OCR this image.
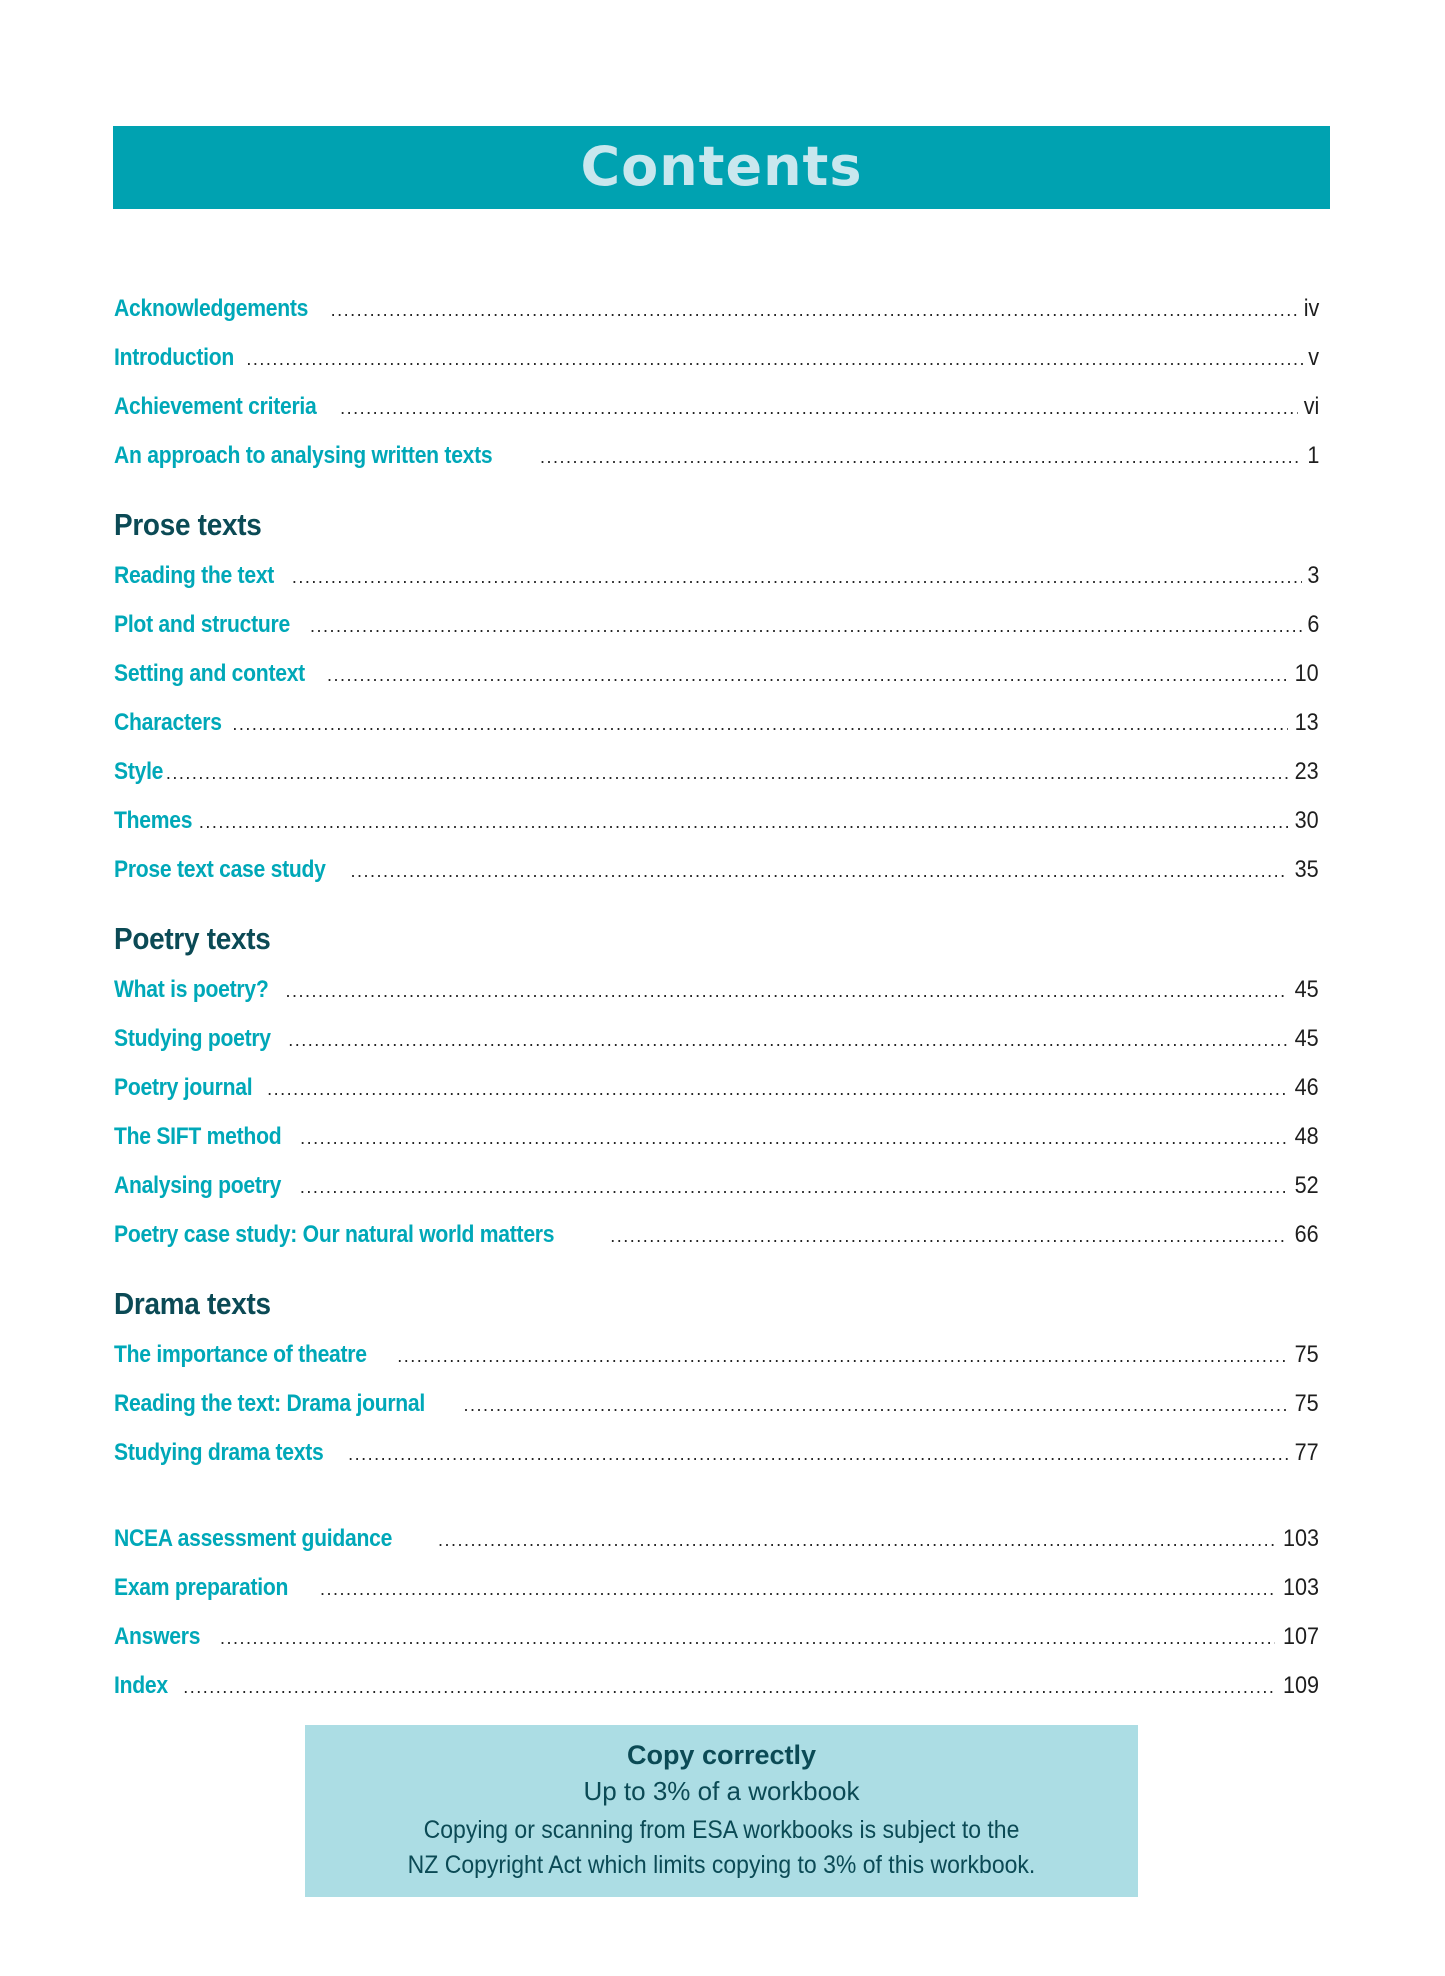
Contents
Acknowledgements .....	iv
Introduction .....	v
Achievement criteria .....	vi
An approach to analysing written texts .....	1
Prose texts
Reading the text .....	3
Plot and structure .....	6
Setting and context .....	10
Characters .....	13
Style .....	23
Themes .....	30
Prose text case study .....	35
Poetry texts
What is poetry? .....	45
Studying poetry .....	45
Poetry journal .....	46
The SIFT method .....	48
Analysing poetry .....	52
Poetry case study: Our natural world matters .....	66
Drama texts
The importance of theatre .....	75
Reading the text: Drama journal .....	75
Studying drama texts .....	77
NCEA assessment guidance .....	103
Exam preparation .....	103
Answers .....	107
Index .....	109
Copy correctly
Up to 3% of a workbook
Copying or scanning from ESA workbooks is subject to the
NZ Copyright Act which limits copying to 3% of this workbook.
